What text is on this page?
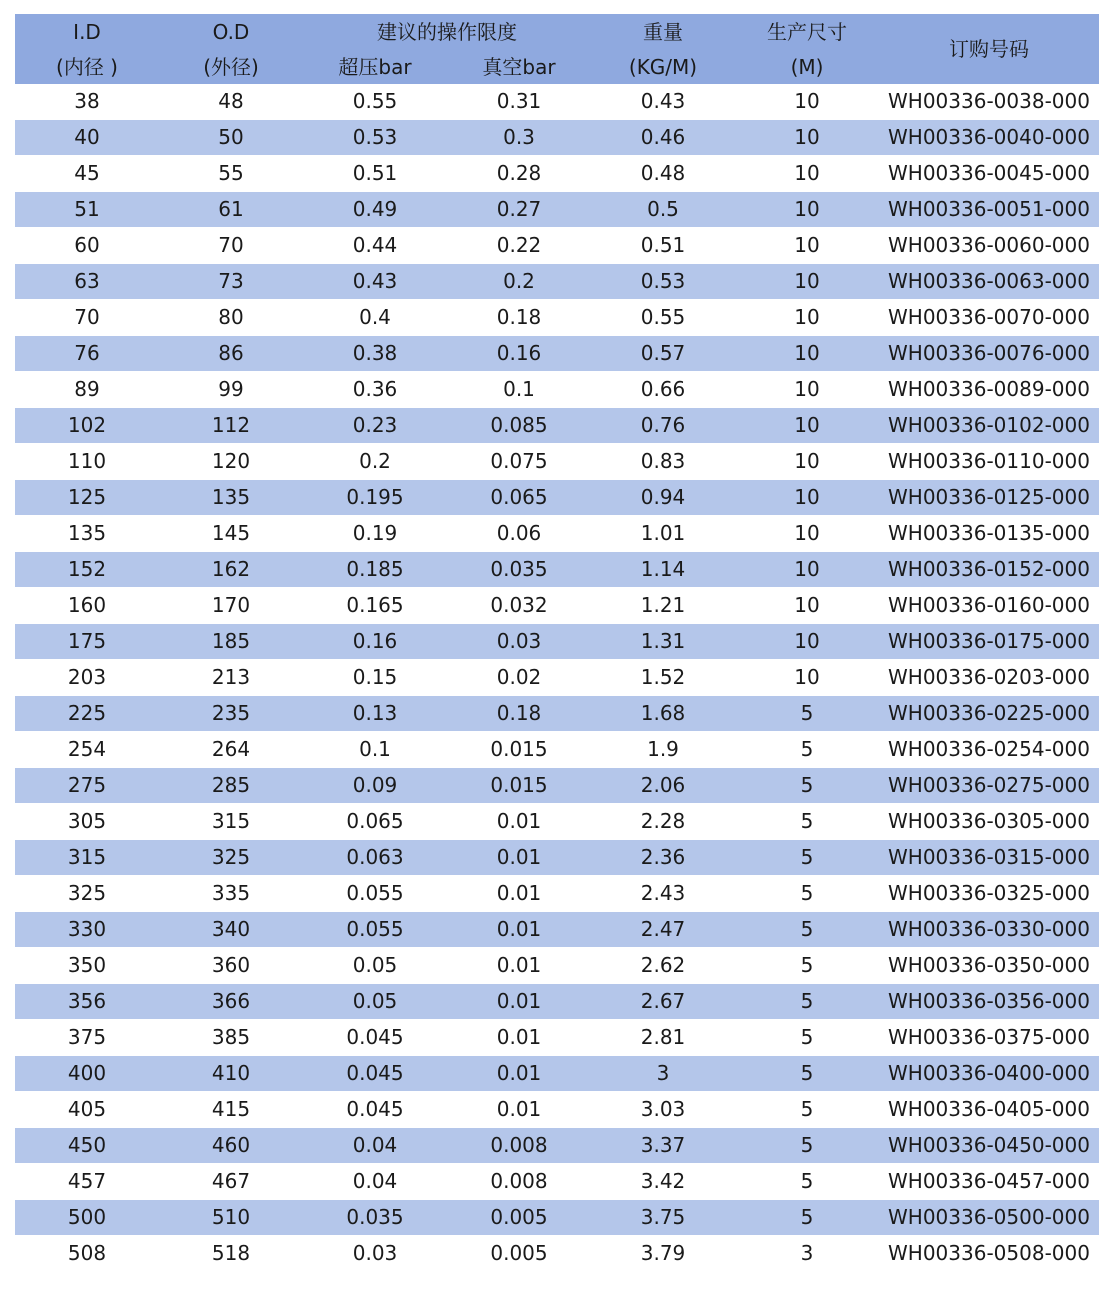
I.D	O.D	建议的操作限度		重量	生产尺寸	订购号码
(内径 )	(外径)	超压bar	真空bar	(KG/M)	(M)	
38	48	0.55	0.31	0.43	10	WH00336-0038-000
40	50	0.53	0.3	0.46	10	WH00336-0040-000
45	55	0.51	0.28	0.48	10	WH00336-0045-000
51	61	0.49	0.27	0.5	10	WH00336-0051-000
60	70	0.44	0.22	0.51	10	WH00336-0060-000
63	73	0.43	0.2	0.53	10	WH00336-0063-000
70	80	0.4	0.18	0.55	10	WH00336-0070-000
76	86	0.38	0.16	0.57	10	WH00336-0076-000
89	99	0.36	0.1	0.66	10	WH00336-0089-000
102	112	0.23	0.085	0.76	10	WH00336-0102-000
110	120	0.2	0.075	0.83	10	WH00336-0110-000
125	135	0.195	0.065	0.94	10	WH00336-0125-000
135	145	0.19	0.06	1.01	10	WH00336-0135-000
152	162	0.185	0.035	1.14	10	WH00336-0152-000
160	170	0.165	0.032	1.21	10	WH00336-0160-000
175	185	0.16	0.03	1.31	10	WH00336-0175-000
203	213	0.15	0.02	1.52	10	WH00336-0203-000
225	235	0.13	0.18	1.68	5	WH00336-0225-000
254	264	0.1	0.015	1.9	5	WH00336-0254-000
275	285	0.09	0.015	2.06	5	WH00336-0275-000
305	315	0.065	0.01	2.28	5	WH00336-0305-000
315	325	0.063	0.01	2.36	5	WH00336-0315-000
325	335	0.055	0.01	2.43	5	WH00336-0325-000
330	340	0.055	0.01	2.47	5	WH00336-0330-000
350	360	0.05	0.01	2.62	5	WH00336-0350-000
356	366	0.05	0.01	2.67	5	WH00336-0356-000
375	385	0.045	0.01	2.81	5	WH00336-0375-000
400	410	0.045	0.01	3	5	WH00336-0400-000
405	415	0.045	0.01	3.03	5	WH00336-0405-000
450	460	0.04	0.008	3.37	5	WH00336-0450-000
457	467	0.04	0.008	3.42	5	WH00336-0457-000
500	510	0.035	0.005	3.75	5	WH00336-0500-000
508	518	0.03	0.005	3.79	3	WH00336-0508-000
